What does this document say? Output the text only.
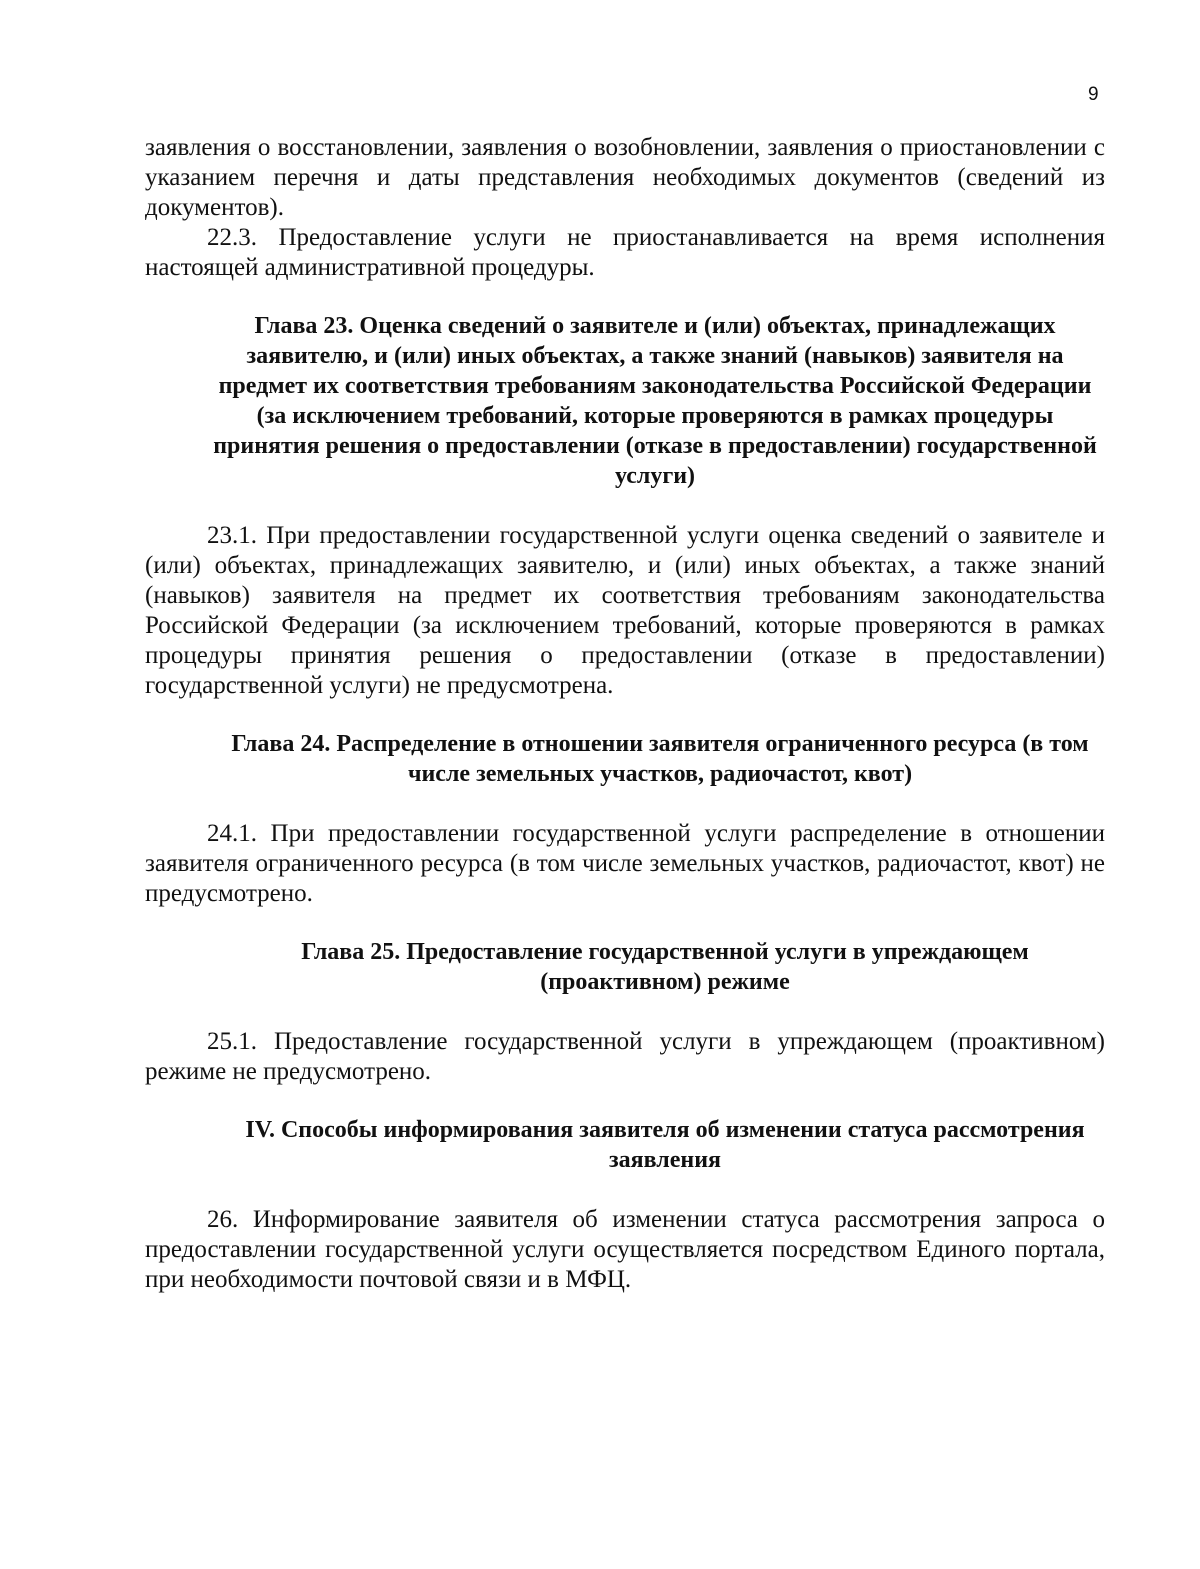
9

заявления о восстановлении, заявления о возобновлении, заявления о приостановлении с указанием перечня и даты представления необходимых документов (сведений из документов).

22.3. Предоставление услуги не приостанавливается на время исполнения настоящей административной процедуры.

Глава 23. Оценка сведений о заявителе и (или) объектах, принадлежащих заявителю, и (или) иных объектах, а также знаний (навыков) заявителя на предмет их соответствия требованиям законодательства Российской Федерации (за исключением требований, которые проверяются в рамках процедуры принятия решения о предоставлении (отказе в предоставлении) государственной услуги)

23.1. При предоставлении государственной услуги оценка сведений о заявителе и (или) объектах, принадлежащих заявителю, и (или) иных объектах, а также знаний (навыков) заявителя на предмет их соответствия требованиям законодательства Российской Федерации (за исключением требований, которые проверяются в рамках процедуры принятия решения о предоставлении (отказе в предоставлении) государственной услуги) не предусмотрена.

Глава 24. Распределение в отношении заявителя ограниченного ресурса (в том числе земельных участков, радиочастот, квот)

24.1. При предоставлении государственной услуги распределение в отношении заявителя ограниченного ресурса (в том числе земельных участков, радиочастот, квот) не предусмотрено.

Глава 25. Предоставление государственной услуги в упреждающем (проактивном) режиме

25.1. Предоставление государственной услуги в упреждающем (проактивном) режиме не предусмотрено.

IV. Способы информирования заявителя об изменении статуса рассмотрения заявления

26. Информирование заявителя об изменении статуса рассмотрения запроса о предоставлении государственной услуги осуществляется посредством Единого портала, при необходимости почтовой связи и в МФЦ.
